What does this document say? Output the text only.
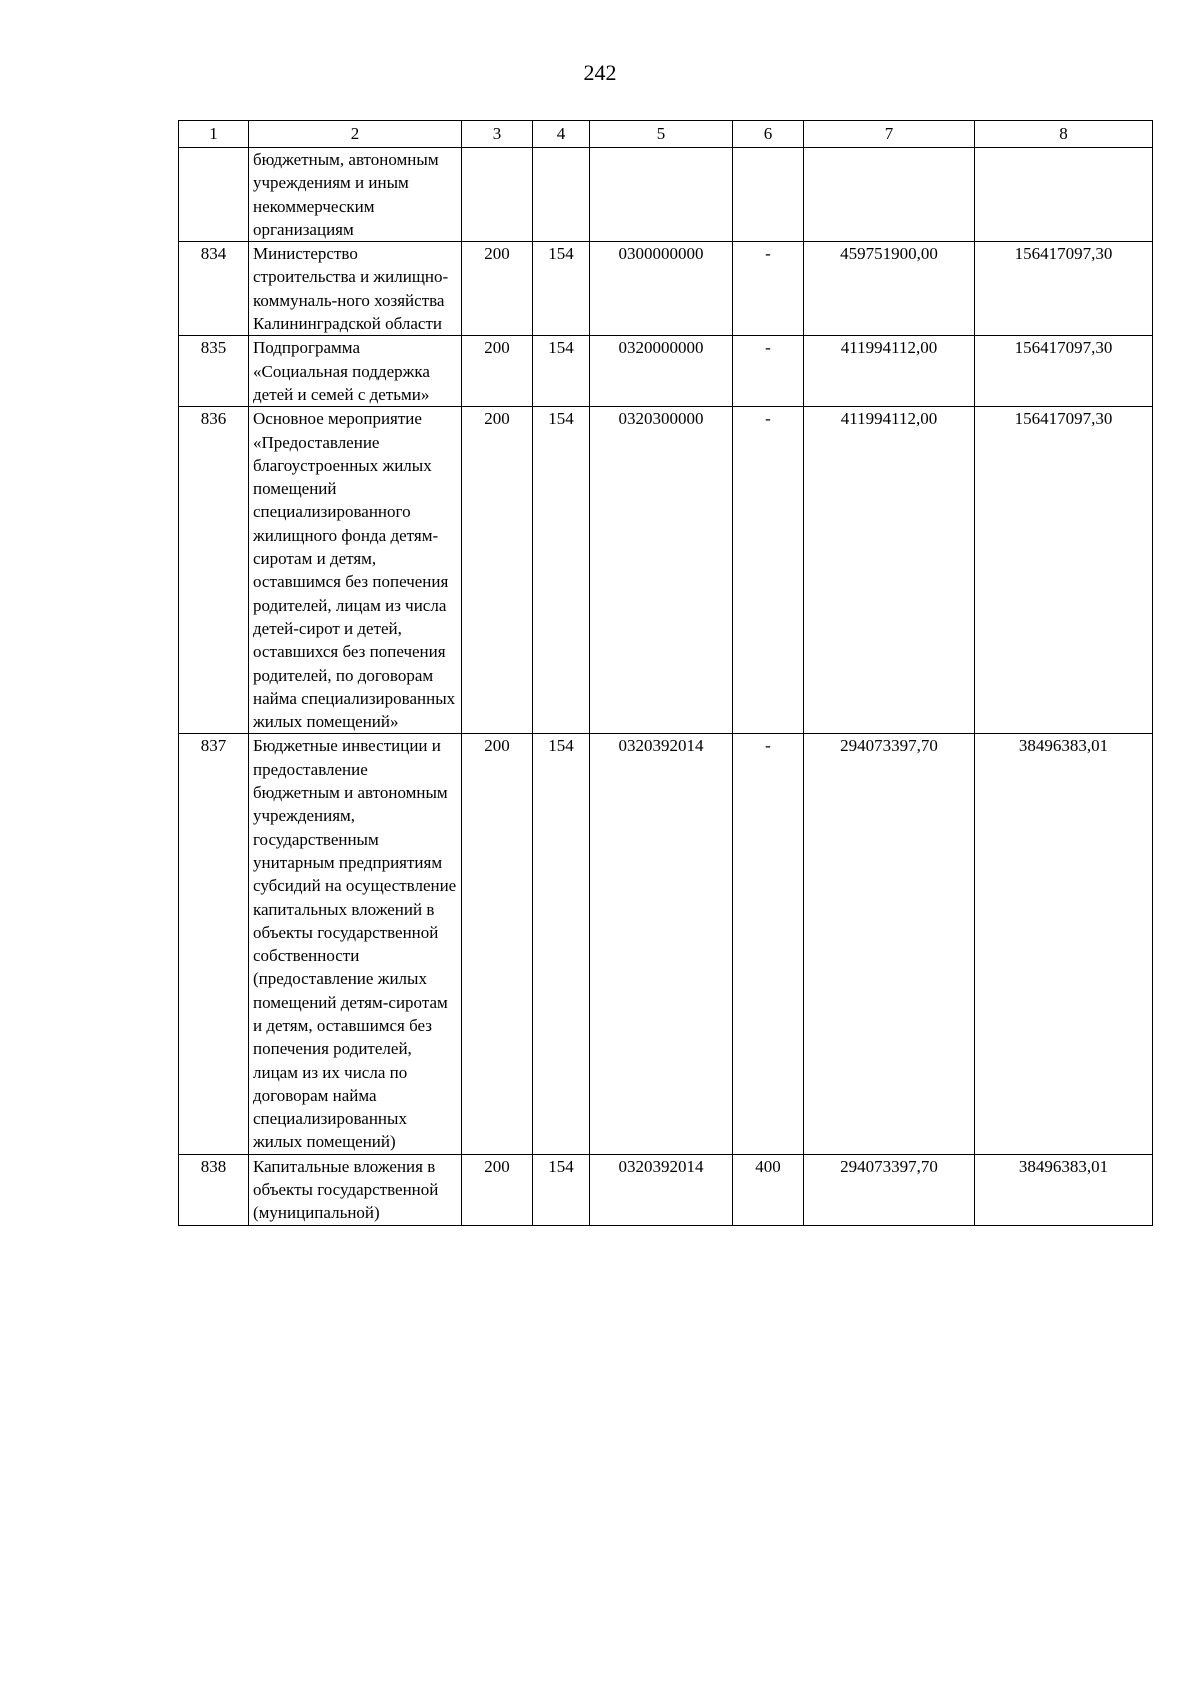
242
1	2	3	4	5	6	7	8
	бюджетным, автономным учреждениям и иным некоммерческим организациям						
834	Министерство строительства и жилищно-коммуналь-ного хозяйства Калининградской области	200	154	0300000000	-	459751900,00	156417097,30
835	Подпрограмма «Социальная поддержка детей и семей с детьми»	200	154	0320000000	-	411994112,00	156417097,30
836	Основное мероприятие «Предоставление благоустроенных жилых помещений специализированного жилищного фонда детям-сиротам и детям, оставшимся без попечения родителей, лицам из числа детей-сирот и детей, оставшихся без попечения родителей, по договорам найма специализированных жилых помещений»	200	154	0320300000	-	411994112,00	156417097,30
837	Бюджетные инвестиции и предоставление бюджетным и автономным учреждениям, государственным унитарным предприятиям субсидий на осуществление капитальных вложений в объекты государственной собственности (предоставление жилых помещений детям-сиротам и детям, оставшимся без попечения родителей, лицам из их числа по договорам найма специализированных жилых помещений)	200	154	0320392014	-	294073397,70	38496383,01
838	Капитальные вложения в объекты государственной (муниципальной)	200	154	0320392014	400	294073397,70	38496383,01
